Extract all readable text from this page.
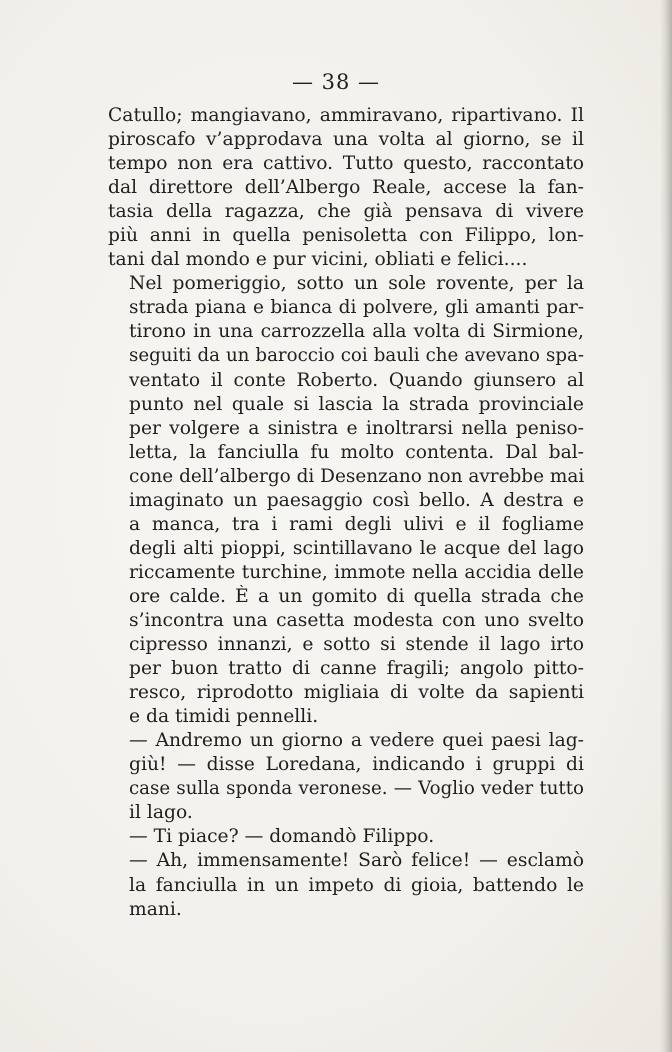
— 38 —

Catullo; mangiavano, ammiravano, ripartivano. Il
piroscafo v’approdava una volta al giorno, se il
tempo non era cattivo. Tutto questo, raccontato
dal direttore dell’Albergo Reale, accese la fan-
tasia della ragazza, che già pensava di vivere
più anni in quella penisoletta con Filippo, lon-
tani dal mondo e pur vicini, obliati e felici....

Nel pomeriggio, sotto un sole rovente, per la
strada piana e bianca di polvere, gli amanti par-
tirono in una carrozzella alla volta di Sirmione,
seguiti da un baroccio coi bauli che avevano spa-
ventato il conte Roberto. Quando giunsero al
punto nel quale si lascia la strada provinciale
per volgere a sinistra e inoltrarsi nella peniso-
letta, la fanciulla fu molto contenta. Dal bal-
cone dell’albergo di Desenzano non avrebbe mai
imaginato un paesaggio così bello. A destra e
a manca, tra i rami degli ulivi e il fogliame
degli alti pioppi, scintillavano le acque del lago
riccamente turchine, immote nella accidia delle
ore calde. È a un gomito di quella strada che
s’incontra una casetta modesta con uno svelto
cipresso innanzi, e sotto si stende il lago irto
per buon tratto di canne fragili; angolo pitto-
resco, riprodotto migliaia di volte da sapienti
e da timidi pennelli.

— Andremo un giorno a vedere quei paesi lag-
giù! — disse Loredana, indicando i gruppi di
case sulla sponda veronese. — Voglio veder tutto
il lago.

— Ti piace? — domandò Filippo.

— Ah, immensamente! Sarò felice! — esclamò
la fanciulla in un impeto di gioia, battendo le
mani.
